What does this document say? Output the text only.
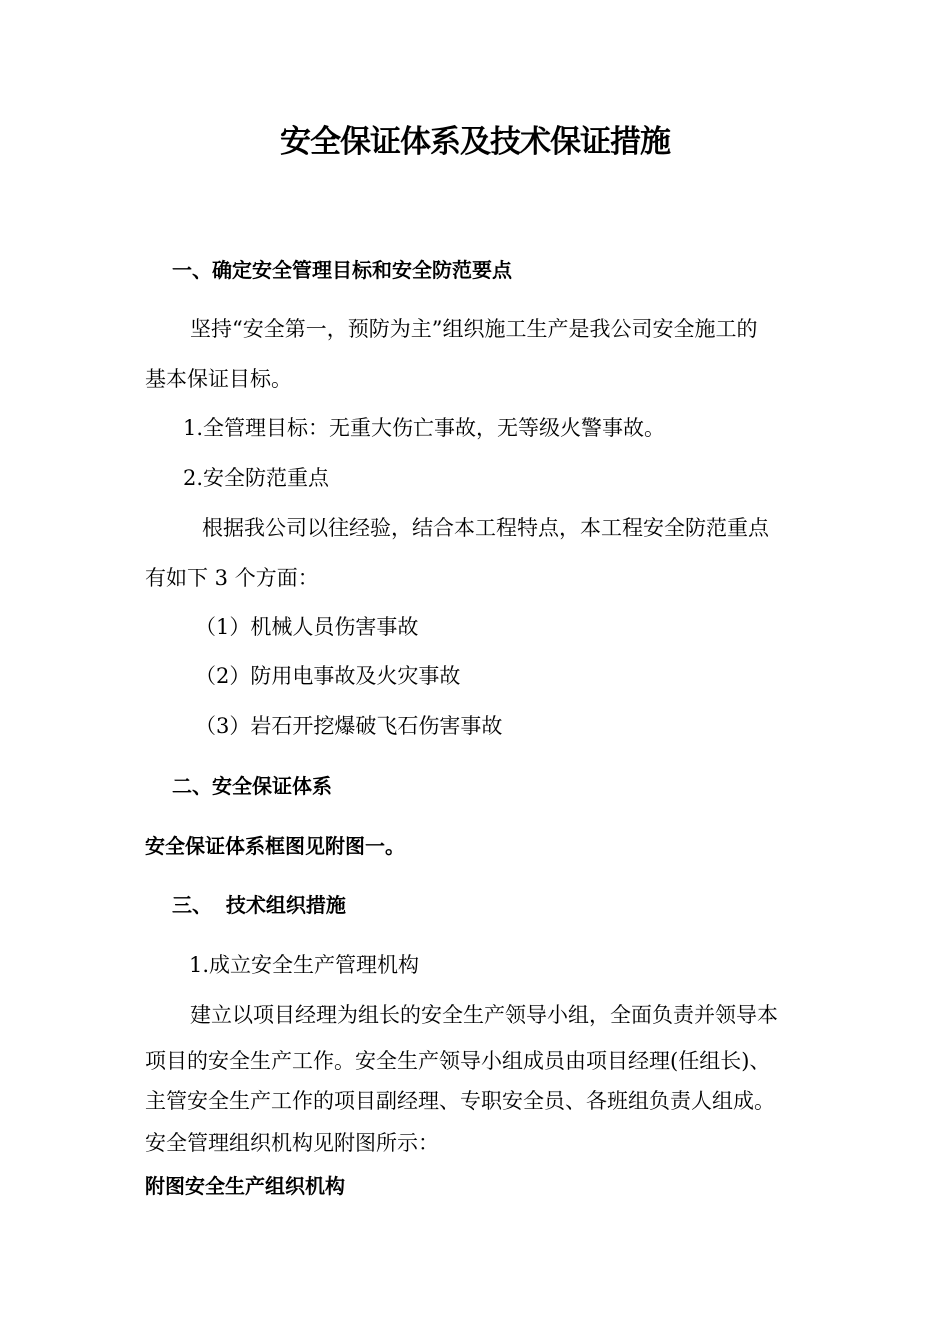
安全保证体系及技术保证措施
一、确定安全管理目标和安全防范要点
坚持“安全第一，预防为主”组织施工生产是我公司安全施工的
基本保证目标。
1.全管理目标：无重大伤亡事故，无等级火警事故。
2.安全防范重点
根据我公司以往经验，结合本工程特点，本工程安全防范重点
有如下 3 个方面：
（1）机械人员伤害事故
（2）防用电事故及火灾事故
（3）岩石开挖爆破飞石伤害事故
二、安全保证体系
安全保证体系框图见附图一。
三、  技术组织措施
1.成立安全生产管理机构
建立以项目经理为组长的安全生产领导小组，全面负责并领导本
项目的安全生产工作。安全生产领导小组成员由项目经理(任组长)、
主管安全生产工作的项目副经理、专职安全员、各班组负责人组成。
安全管理组织机构见附图所示：
附图安全生产组织机构
